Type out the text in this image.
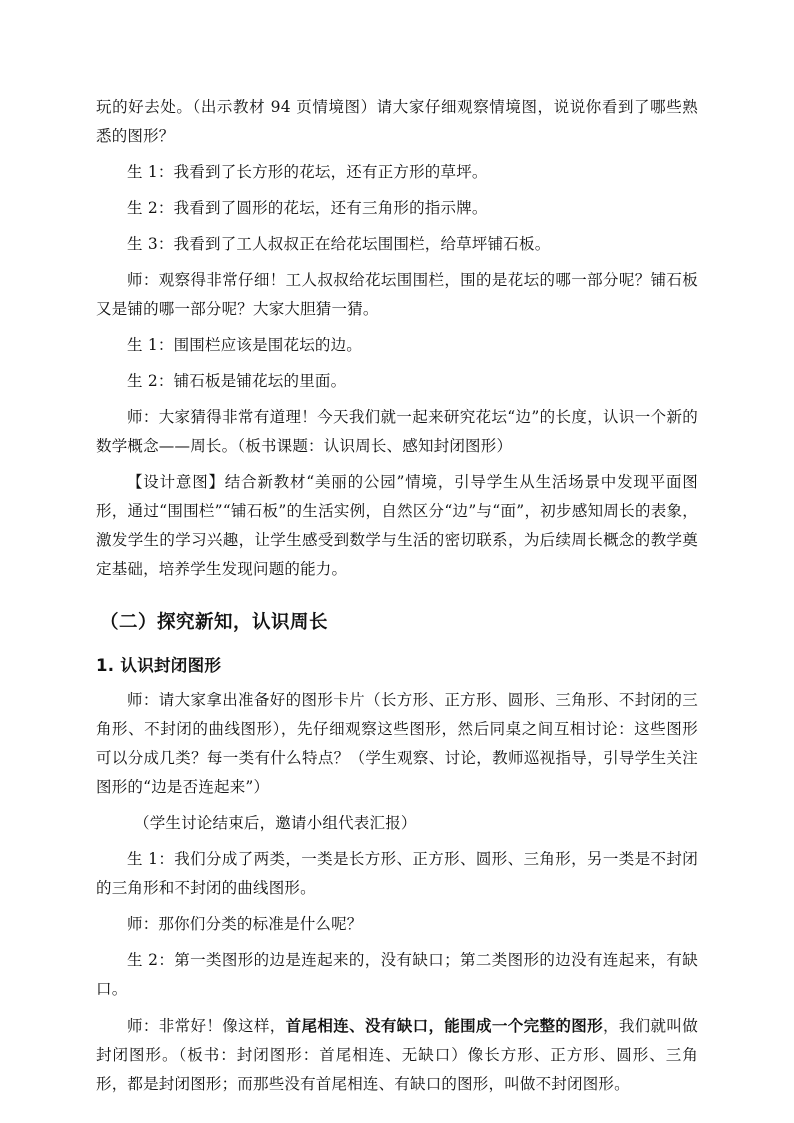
玩的好去处。（出示教材 94 页情境图）请大家仔细观察情境图，说说你看到了哪些熟悉的图形？

生 1：我看到了长方形的花坛，还有正方形的草坪。

生 2：我看到了圆形的花坛，还有三角形的指示牌。

生 3：我看到了工人叔叔正在给花坛围围栏，给草坪铺石板。

师：观察得非常仔细！工人叔叔给花坛围围栏，围的是花坛的哪一部分呢？铺石板又是铺的哪一部分呢？大家大胆猜一猜。

生 1：围围栏应该是围花坛的边。

生 2：铺石板是铺花坛的里面。

师：大家猜得非常有道理！今天我们就一起来研究花坛“边”的长度，认识一个新的数学概念——周长。（板书课题：认识周长、感知封闭图形）

【设计意图】结合新教材“美丽的公园”情境，引导学生从生活场景中发现平面图形，通过“围围栏”“铺石板”的生活实例，自然区分“边”与“面”，初步感知周长的表象，激发学生的学习兴趣，让学生感受到数学与生活的密切联系，为后续周长概念的教学奠定基础，培养学生发现问题的能力。

（二）探究新知，认识周长
1. 认识封闭图形

师：请大家拿出准备好的图形卡片（长方形、正方形、圆形、三角形、不封闭的三角形、不封闭的曲线图形），先仔细观察这些图形，然后同桌之间互相讨论：这些图形可以分成几类？每一类有什么特点？（学生观察、讨论，教师巡视指导，引导学生关注图形的“边是否连起来”）

（学生讨论结束后，邀请小组代表汇报）

生 1：我们分成了两类，一类是长方形、正方形、圆形、三角形，另一类是不封闭的三角形和不封闭的曲线图形。

师：那你们分类的标准是什么呢？

生 2：第一类图形的边是连起来的，没有缺口；第二类图形的边没有连起来，有缺口。

师：非常好！像这样，首尾相连、没有缺口，能围成一个完整的图形，我们就叫做封闭图形。（板书：封闭图形：首尾相连、无缺口）像长方形、正方形、圆形、三角形，都是封闭图形；而那些没有首尾相连、有缺口的图形，叫做不封闭图形。
